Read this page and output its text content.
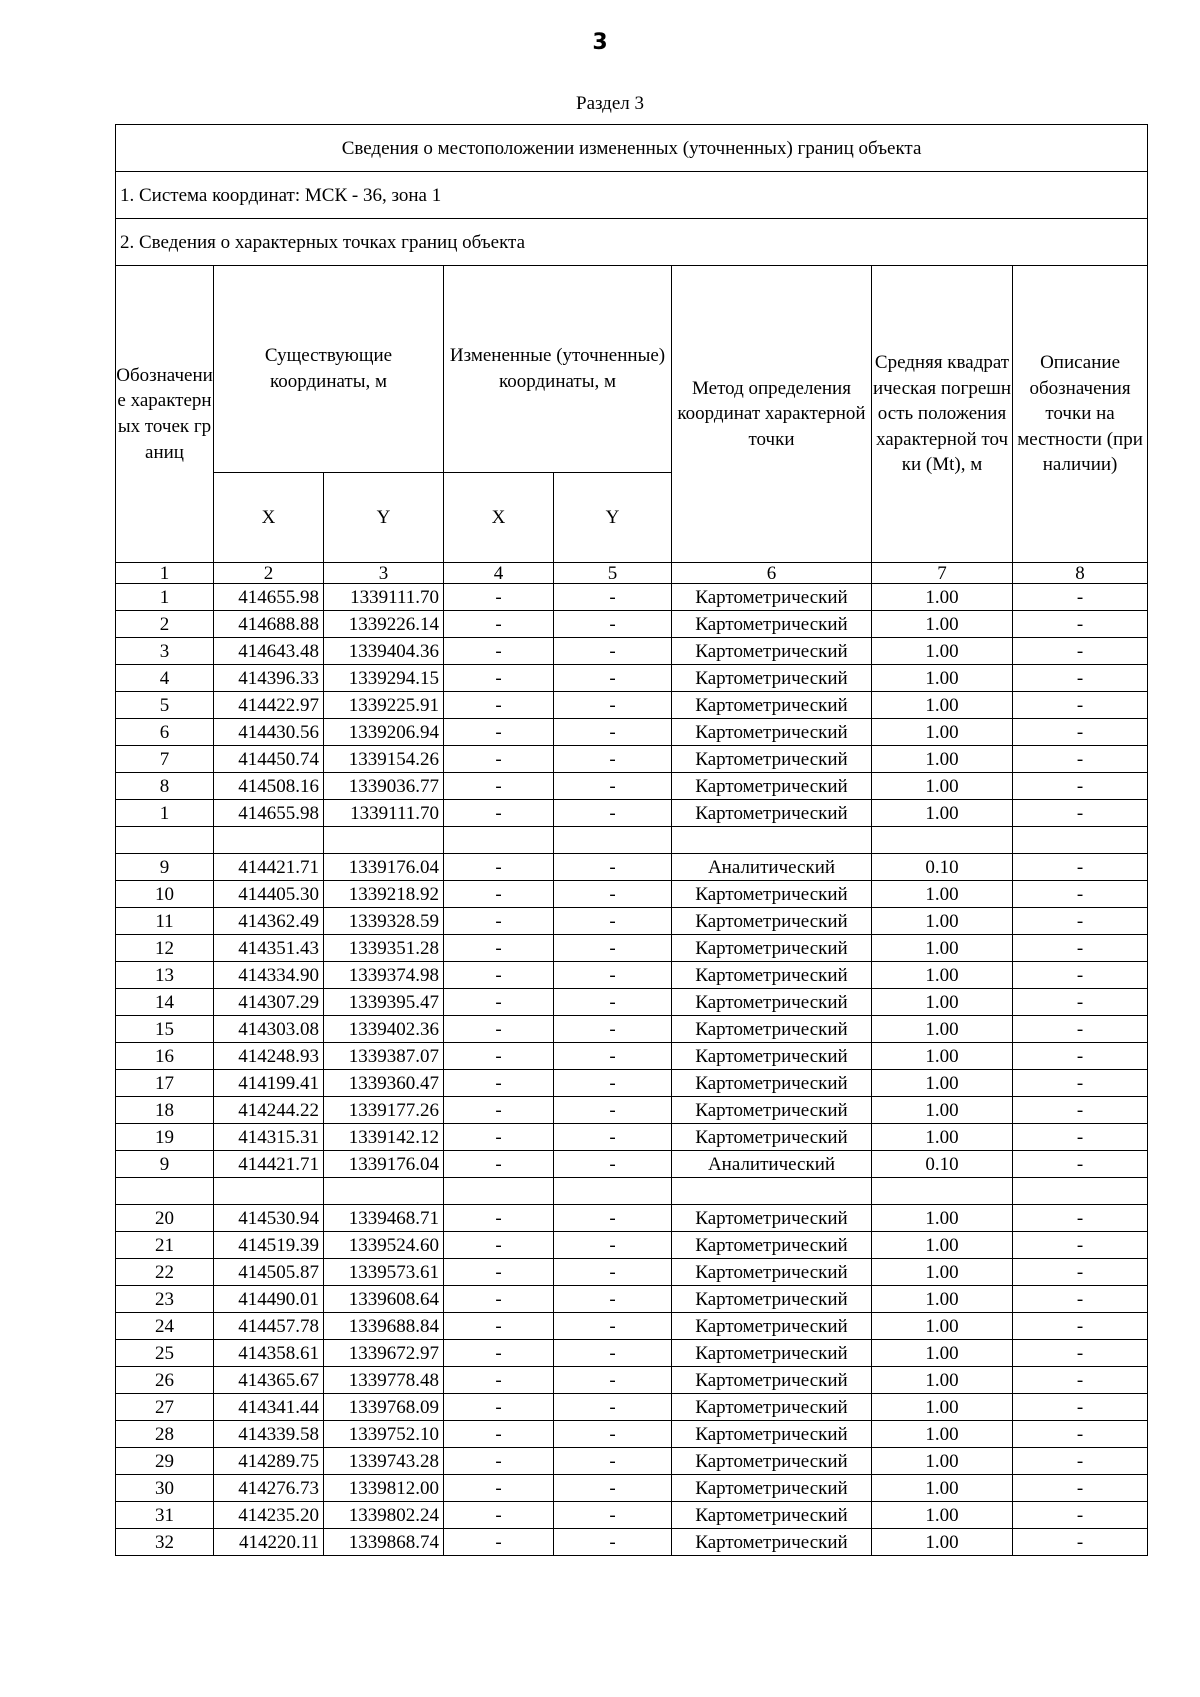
3
Раздел 3
Сведения о местоположении измененных (уточненных) границ объекта							
1. Система координат: МСК - 36, зона 1							
2. Сведения о характерных точках границ объекта							
Обозначение характерных точек границ	Существующие координаты, м		Измененные (уточненные) координаты, м		Метод определения координат характерной точки	Средняя квадратическая погрешность положения характерной точки (Mt), м	Описание обозначения точки на местности (при наличии)
	X	Y	X	Y			
1	2	3	4	5	6	7	8
1	414655.98	1339111.70	-	-	Картометрический	1.00	-
2	414688.88	1339226.14	-	-	Картометрический	1.00	-
3	414643.48	1339404.36	-	-	Картометрический	1.00	-
4	414396.33	1339294.15	-	-	Картометрический	1.00	-
5	414422.97	1339225.91	-	-	Картометрический	1.00	-
6	414430.56	1339206.94	-	-	Картометрический	1.00	-
7	414450.74	1339154.26	-	-	Картометрический	1.00	-
8	414508.16	1339036.77	-	-	Картометрический	1.00	-
1	414655.98	1339111.70	-	-	Картометрический	1.00	-

9	414421.71	1339176.04	-	-	Аналитический	0.10	-
10	414405.30	1339218.92	-	-	Картометрический	1.00	-
11	414362.49	1339328.59	-	-	Картометрический	1.00	-
12	414351.43	1339351.28	-	-	Картометрический	1.00	-
13	414334.90	1339374.98	-	-	Картометрический	1.00	-
14	414307.29	1339395.47	-	-	Картометрический	1.00	-
15	414303.08	1339402.36	-	-	Картометрический	1.00	-
16	414248.93	1339387.07	-	-	Картометрический	1.00	-
17	414199.41	1339360.47	-	-	Картометрический	1.00	-
18	414244.22	1339177.26	-	-	Картометрический	1.00	-
19	414315.31	1339142.12	-	-	Картометрический	1.00	-
9	414421.71	1339176.04	-	-	Аналитический	0.10	-

20	414530.94	1339468.71	-	-	Картометрический	1.00	-
21	414519.39	1339524.60	-	-	Картометрический	1.00	-
22	414505.87	1339573.61	-	-	Картометрический	1.00	-
23	414490.01	1339608.64	-	-	Картометрический	1.00	-
24	414457.78	1339688.84	-	-	Картометрический	1.00	-
25	414358.61	1339672.97	-	-	Картометрический	1.00	-
26	414365.67	1339778.48	-	-	Картометрический	1.00	-
27	414341.44	1339768.09	-	-	Картометрический	1.00	-
28	414339.58	1339752.10	-	-	Картометрический	1.00	-
29	414289.75	1339743.28	-	-	Картометрический	1.00	-
30	414276.73	1339812.00	-	-	Картометрический	1.00	-
31	414235.20	1339802.24	-	-	Картометрический	1.00	-
32	414220.11	1339868.74	-	-	Картометрический	1.00	-
